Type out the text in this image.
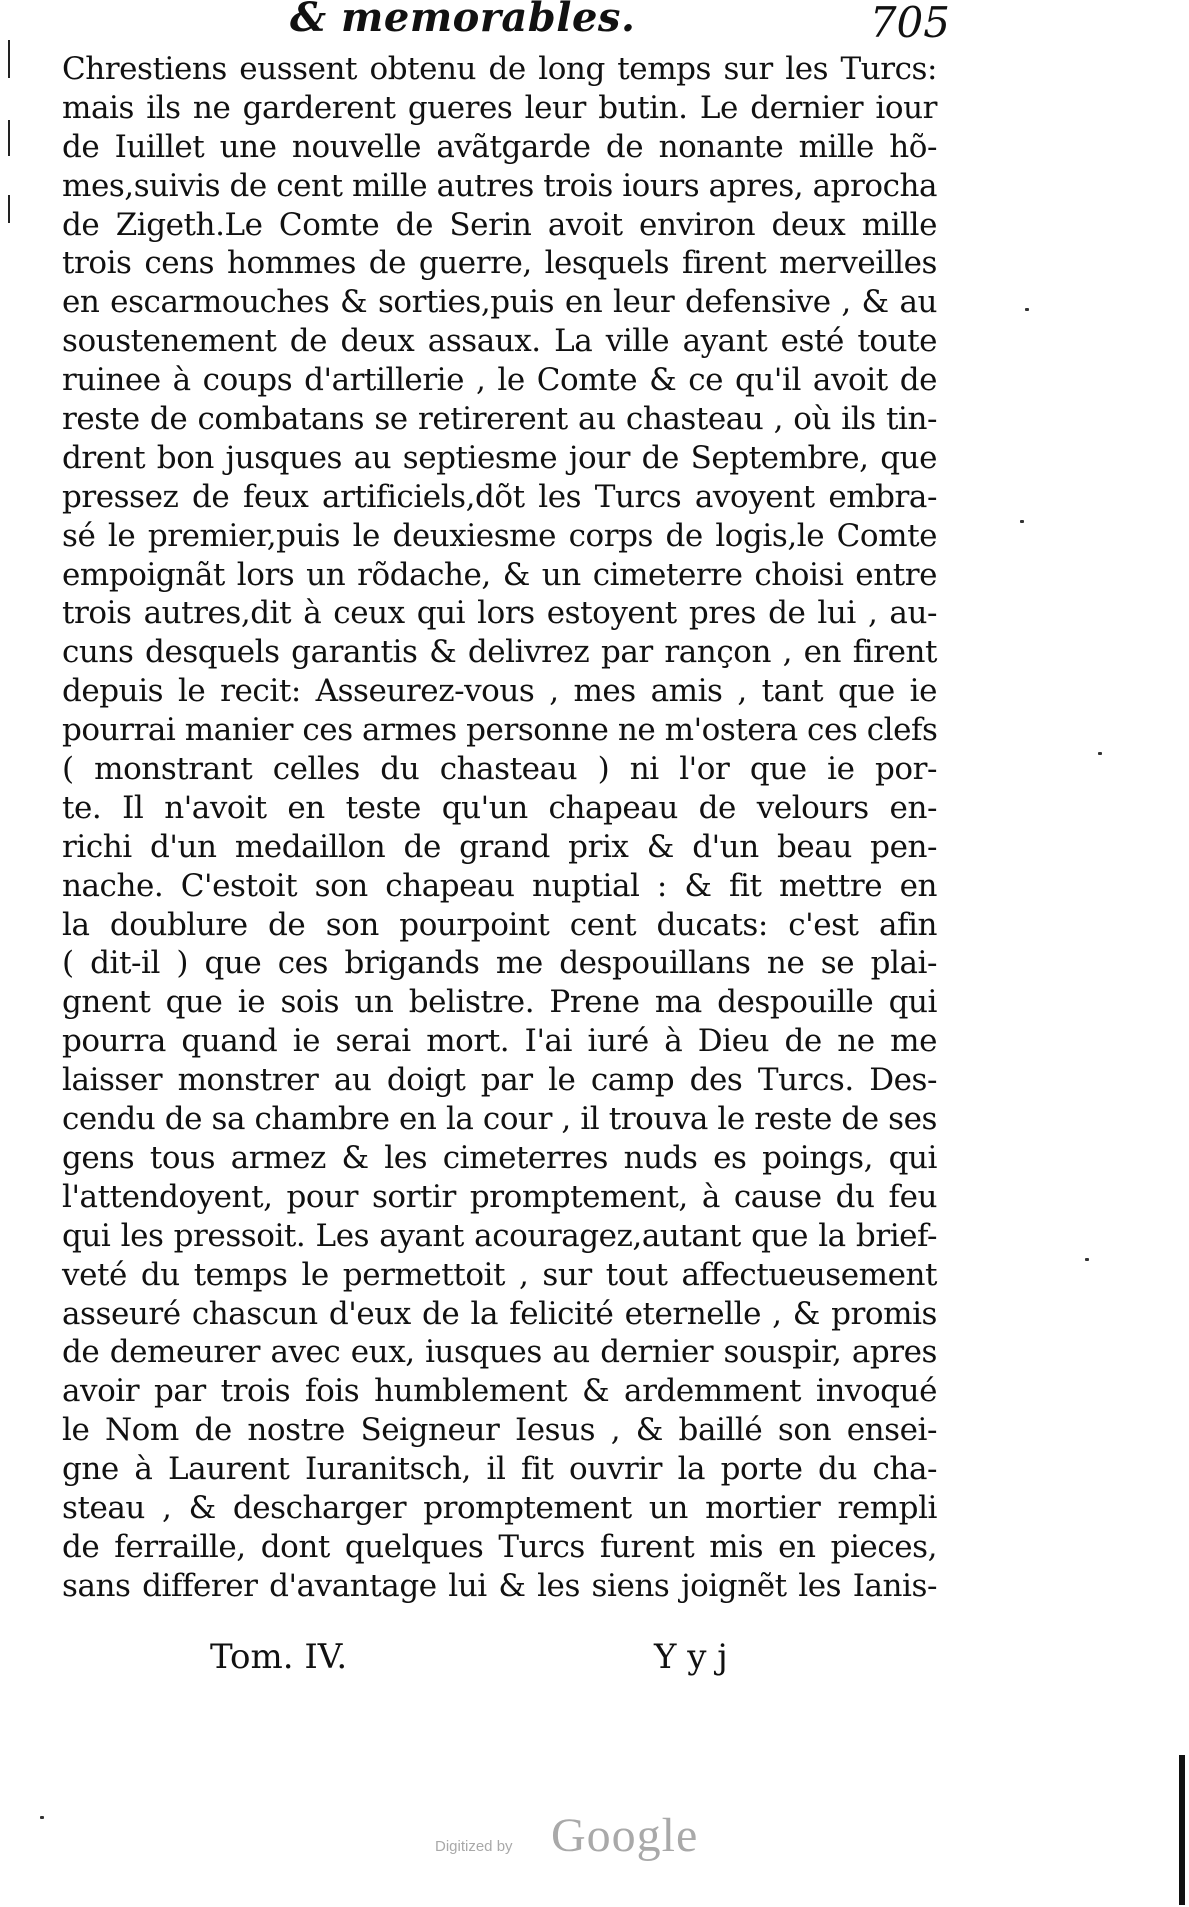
& memorables.	705
Chrestiens eussent obtenu de long temps sur les Turcs:
mais ils ne garderent gueres leur butin. Le dernier iour
de Iuillet une nouvelle avãtgarde de nonante mille hõ-
mes,suivis de cent mille autres trois iours apres, aprocha
de Zigeth.Le Comte de Serin avoit environ deux mille
trois cens hommes de guerre, lesquels firent merveilles
en escarmouches & sorties,puis en leur defensive , & au
soustenement de deux assaux. La ville ayant esté toute
ruinee à coups d'artillerie , le Comte & ce qu'il avoit de
reste de combatans se retirerent au chasteau , où ils tin-
drent bon jusques au septiesme jour de Septembre, que
pressez de feux artificiels,dõt les Turcs avoyent embra-
sé le premier,puis le deuxiesme corps de logis,le Comte
empoignãt lors un rõdache, & un cimeterre choisi entre
trois autres,dit à ceux qui lors estoyent pres de lui , au-
cuns desquels garantis & delivrez par rançon , en firent
depuis le recit: Asseurez-vous , mes amis , tant que ie
pourrai manier ces armes personne ne m'ostera ces clefs
( monstrant celles du chasteau ) ni l'or que ie por-
te. Il n'avoit en teste qu'un chapeau de velours en-
richi d'un medaillon de grand prix & d'un beau pen-
nache. C'estoit son chapeau nuptial : & fit mettre en
la doublure de son pourpoint cent ducats: c'est afin
( dit-il ) que ces brigands me despouillans ne se plai-
gnent que ie sois un belistre. Prene ma despouille qui
pourra quand ie serai mort. I'ai iuré à Dieu de ne me
laisser monstrer au doigt par le camp des Turcs. Des-
cendu de sa chambre en la cour , il trouva le reste de ses
gens tous armez & les cimeterres nuds es poings, qui
l'attendoyent, pour sortir promptement, à cause du feu
qui les pressoit. Les ayant acouragez,autant que la brief-
veté du temps le permettoit , sur tout affectueusement
asseuré chascun d'eux de la felicité eternelle , & promis
de demeurer avec eux, iusques au dernier souspir, apres
avoir par trois fois humblement & ardemment invoqué
le Nom de nostre Seigneur Iesus , & baillé son ensei-
gne à Laurent Iuranitsch, il fit ouvrir la porte du cha-
steau , & descharger promptement un mortier rempli
de ferraille, dont quelques Turcs furent mis en pieces,
sans differer d'avantage lui & les siens joignẽt les Ianis-
Tom. IV.	Y y j
Digitized by Google
